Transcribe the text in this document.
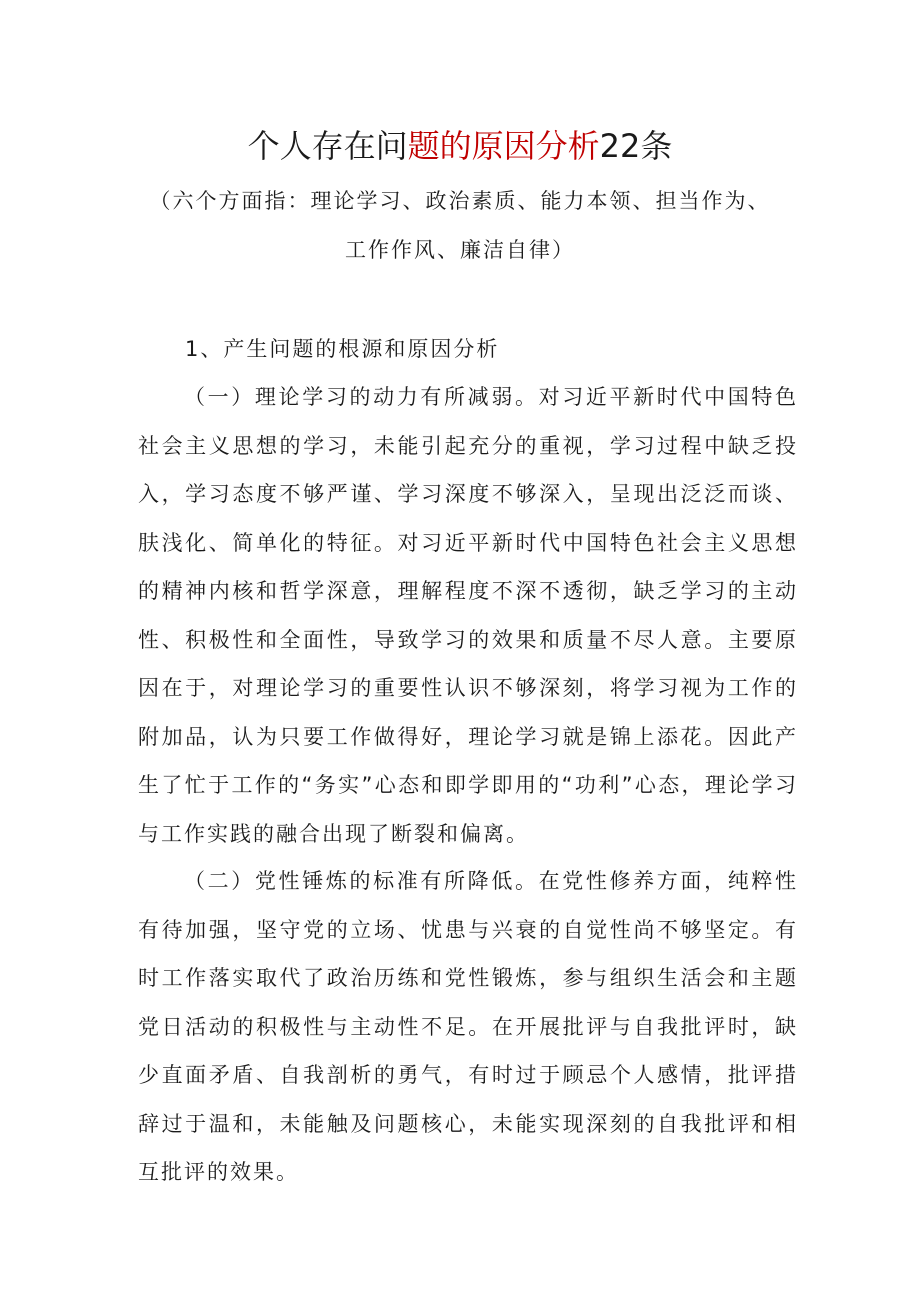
个人存在问题的原因分析22条
（六个方面指：理论学习、政治素质、能力本领、担当作为、
工作作风、廉洁自律）
1、产生问题的根源和原因分析

（一）理论学习的动力有所减弱。对习近平新时代中国特色社会主义思想的学习，未能引起充分的重视，学习过程中缺乏投入，学习态度不够严谨、学习深度不够深入，呈现出泛泛而谈、肤浅化、简单化的特征。对习近平新时代中国特色社会主义思想的精神内核和哲学深意，理解程度不深不透彻，缺乏学习的主动性、积极性和全面性，导致学习的效果和质量不尽人意。主要原因在于，对理论学习的重要性认识不够深刻，将学习视为工作的附加品，认为只要工作做得好，理论学习就是锦上添花。因此产生了忙于工作的“务实”心态和即学即用的“功利”心态，理论学习与工作实践的融合出现了断裂和偏离。

（二）党性锤炼的标准有所降低。在党性修养方面，纯粹性有待加强，坚守党的立场、忧患与兴衰的自觉性尚不够坚定。有时工作落实取代了政治历练和党性锻炼，参与组织生活会和主题党日活动的积极性与主动性不足。在开展批评与自我批评时，缺少直面矛盾、自我剖析的勇气，有时过于顾忌个人感情，批评措辞过于温和，未能触及问题核心，未能实现深刻的自我批评和相互批评的效果。
